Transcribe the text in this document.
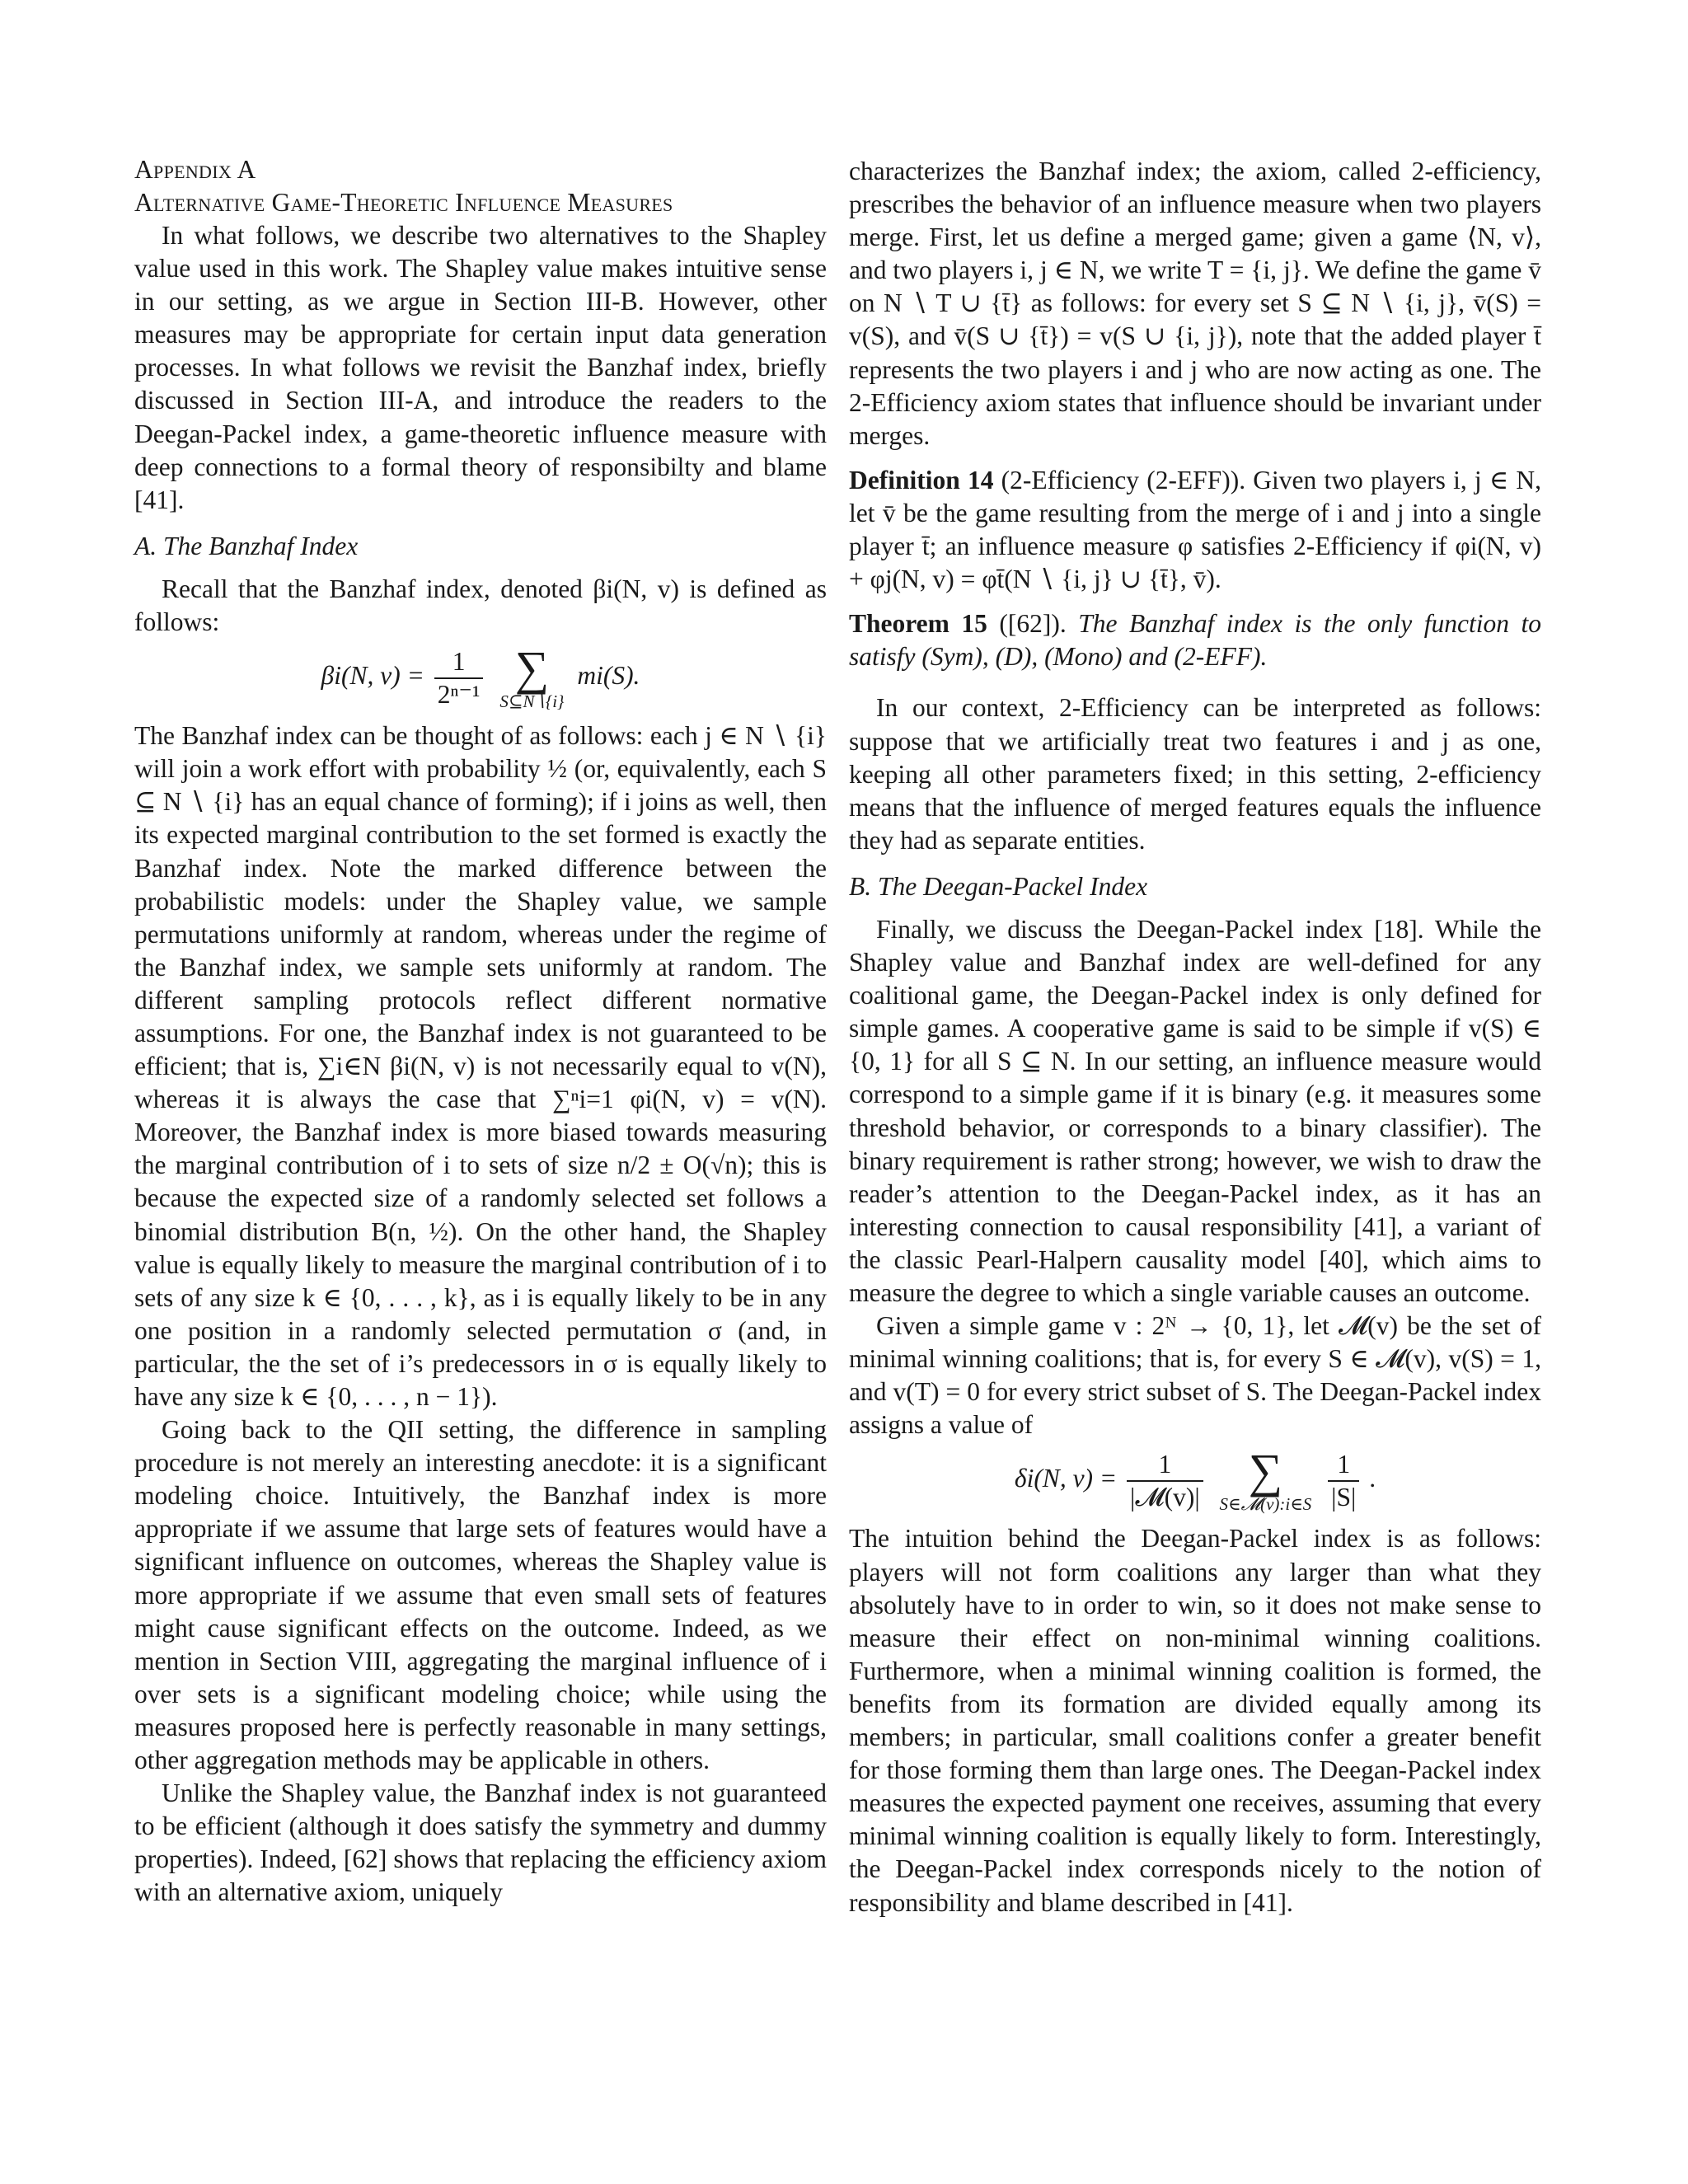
Appendix A

Alternative Game-Theoretic Influence Measures

In what follows, we describe two alternatives to the Shapley value used in this work. The Shapley value makes intuitive sense in our setting, as we argue in Section III-B. However, other measures may be appropriate for certain input data generation processes. In what follows we revisit the Banzhaf index, briefly discussed in Section III-A, and introduce the readers to the Deegan-Packel index, a game-theoretic influence measure with deep connections to a formal theory of responsibilty and blame [41].

A. The Banzhaf Index

Recall that the Banzhaf index, denoted βi(N, v) is defined as follows:

βi(N, $v) = \frac{1}{\text{2ⁿ⁻¹}}$
∑
S⊆N∖{i}
mi(S).

The Banzhaf index can be thought of as follows: each j ∈ N ∖ {i} will join a work effort with probability ½ (or, equivalently, each S ⊆ N ∖ {i} has an equal chance of forming); if i joins as well, then its expected marginal contribution to the set formed is exactly the Banzhaf index. Note the marked difference between the probabilistic models: under the Shapley value, we sample permutations uniformly at random, whereas under the regime of the Banzhaf index, we sample sets uniformly at random. The different sampling protocols reflect different normative assumptions. For one, the Banzhaf index is not guaranteed to be efficient; that is, ∑i∈N βi(N, v) is not necessarily equal to v(N), whereas it is always the case that ∑ⁿi=1 φi(N, v) = v(N). Moreover, the Banzhaf index is more biased towards measuring the marginal contribution of i to sets of size n/2 ± O(√n); this is because the expected size of a randomly selected set follows a binomial distribution B(n, ½). On the other hand, the Shapley value is equally likely to measure the marginal contribution of i to sets of any size k ∈ {0, . . . , k}, as i is equally likely to be in any one position in a randomly selected permutation σ (and, in particular, the the set of i’s predecessors in σ is equally likely to have any size k ∈ {0, . . . , n − 1}).

Going back to the QII setting, the difference in sampling procedure is not merely an interesting anecdote: it is a significant modeling choice. Intuitively, the Banzhaf index is more appropriate if we assume that large sets of features would have a significant influence on outcomes, whereas the Shapley value is more appropriate if we assume that even small sets of features might cause significant effects on the outcome. Indeed, as we mention in Section VIII, aggregating the marginal influence of i over sets is a significant modeling choice; while using the measures proposed here is perfectly reasonable in many settings, other aggregation methods may be applicable in others.

Unlike the Shapley value, the Banzhaf index is not guaranteed to be efficient (although it does satisfy the symmetry and dummy properties). Indeed, [62] shows that replacing the efficiency axiom with an alternative axiom, uniquely

characterizes the Banzhaf index; the axiom, called 2-efficiency, prescribes the behavior of an influence measure when two players merge. First, let us define a merged game; given a game ⟨N, v⟩, and two players i, j ∈ N, we write T = {i, j}. We define the game v̄ on N ∖ T ∪ {t̄} as follows: for every set S ⊆ N ∖ {i, j}, v̄(S) = v(S), and v̄(S ∪ {t̄}) = v(S ∪ {i, j}), note that the added player t̄ represents the two players i and j who are now acting as one. The 2-Efficiency axiom states that influence should be invariant under merges.

Definition 14 (2-Efficiency (2-EFF)). Given two players i, j ∈ N, let v̄ be the game resulting from the merge of i and j into a single player t̄; an influence measure φ satisfies 2-Efficiency if φi(N, v) + φj(N, v) = φt̄(N ∖ {i, j} ∪ {t̄}, v̄).

Theorem 15 ([62]). The Banzhaf index is the only function to satisfy (Sym), (D), (Mono) and (2-EFF).

In our context, 2-Efficiency can be interpreted as follows: suppose that we artificially treat two features i and j as one, keeping all other parameters fixed; in this setting, 2-efficiency means that the influence of merged features equals the influence they had as separate entities.

B. The Deegan-Packel Index

Finally, we discuss the Deegan-Packel index [18]. While the Shapley value and Banzhaf index are well-defined for any coalitional game, the Deegan-Packel index is only defined for simple games. A cooperative game is said to be simple if v(S) ∈ {0, 1} for all S ⊆ N. In our setting, an influence measure would correspond to a simple game if it is binary (e.g. it measures some threshold behavior, or corresponds to a binary classifier). The binary requirement is rather strong; however, we wish to draw the reader’s attention to the Deegan-Packel index, as it has an interesting connection to causal responsibility [41], a variant of the classic Pearl-Halpern causality model [40], which aims to measure the degree to which a single variable causes an outcome.

Given a simple game v : 2ᴺ → {0, 1}, let 𝓜(v) be the set of minimal winning coalitions; that is, for every S ∈ 𝓜(v), v(S) = 1, and v(T) = 0 for every strict subset of S. The Deegan-Packel index assigns a value of

δi(N, $v) = \frac{1}{\text{|𝓜(v)|}}$
∑
S∈𝓜(v):i∈S
$\frac{1}{|S|}$ .

The intuition behind the Deegan-Packel index is as follows: players will not form coalitions any larger than what they absolutely have to in order to win, so it does not make sense to measure their effect on non-minimal winning coalitions. Furthermore, when a minimal winning coalition is formed, the benefits from its formation are divided equally among its members; in particular, small coalitions confer a greater benefit for those forming them than large ones. The Deegan-Packel index measures the expected payment one receives, assuming that every minimal winning coalition is equally likely to form. Interestingly, the Deegan-Packel index corresponds nicely to the notion of responsibility and blame described in [41].
